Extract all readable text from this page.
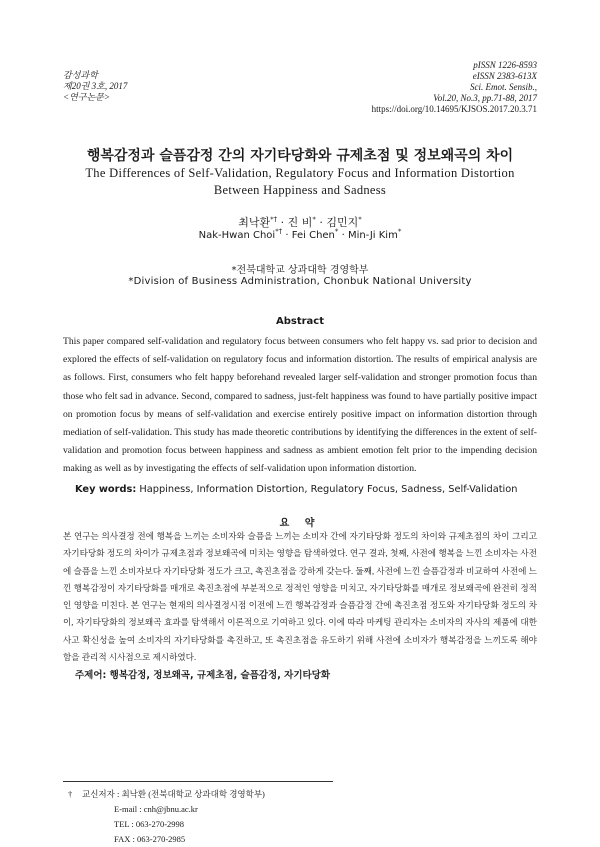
감성과학
제20권 3호, 2017
<연구논문>
pISSN 1226-8593
eISSN 2383-613X
Sci. Emot. Sensib.,
Vol.20, No.3, pp.71-88, 2017
https://doi.org/10.14695/KJSOS.2017.20.3.71
행복감정과 슬픔감정 간의 자기타당화와 규제초점 및 정보왜곡의 차이
The Differences of Self-Validation, Regulatory Focus and Information Distortion
Between Happiness and Sadness
최낙환*† · 진 비* · 김민지*
Nak-Hwan Choi*† · Fei Chen* · Min-Ji Kim*
*전북대학교 상과대학 경영학부
*Division of Business Administration, Chonbuk National University
Abstract
This paper compared self-validation and regulatory focus between consumers who felt happy vs. sad prior to decision and explored the effects of self-validation on regulatory focus and information distortion. The results of empirical analysis are as follows. First, consumers who felt happy beforehand revealed larger self-validation and stronger promotion focus than those who felt sad in advance. Second, compared to sadness, just-felt happiness was found to have partially positive impact on promotion focus by means of self-validation and exercise entirely positive impact on information distortion through mediation of self-validation. This study has made theoretic contributions by identifying the differences in the extent of self-validation and promotion focus between happiness and sadness as ambient emotion felt prior to the impending decision making as well as by investigating the effects of self-validation upon information distortion.
Key words: Happiness, Information Distortion, Regulatory Focus, Sadness, Self-Validation
요 약
본 연구는 의사결정 전에 행복을 느끼는 소비자와 슬픔을 느끼는 소비자 간에 자기타당화 정도의 차이와 규제초점의 차이 그리고 자기타당화 정도의 차이가 규제초점과 정보왜곡에 미치는 영향을 탐색하였다. 연구 결과, 첫째, 사전에 행복을 느낀 소비자는 사전에 슬픔을 느낀 소비자보다 자기타당화 정도가 크고, 촉진초점을 강하게 갖는다. 둘째, 사전에 느낀 슬픔감정과 비교하여 사전에 느낀 행복감정이 자기타당화를 매개로 촉진초점에 부분적으로 정적인 영향을 미치고, 자기타당화를 매개로 정보왜곡에 완전히 정적인 영향을 미친다. 본 연구는 현재의 의사결정시점 이전에 느낀 행복감정과 슬픔감정 간에 촉진초점 정도와 자기타당화 정도의 차이, 자기타당화의 정보왜곡 효과를 탐색해서 이론적으로 기여하고 있다. 이에 따라 마케팅 관리자는 소비자의 자사의 제품에 대한 사고 확신성을 높여 소비자의 자기타당화를 촉진하고, 또 촉진초점을 유도하기 위해 사전에 소비자가 행복감정을 느끼도록 해야 함을 관리적 시사점으로 제시하였다.
주제어: 행복감정, 정보왜곡, 규제초점, 슬픔감정, 자기타당화
† 교신저자 : 최낙환 (전북대학교 상과대학 경영학부)
E-mail : cnh@jbnu.ac.kr
TEL : 063-270-2998
FAX : 063-270-2985
